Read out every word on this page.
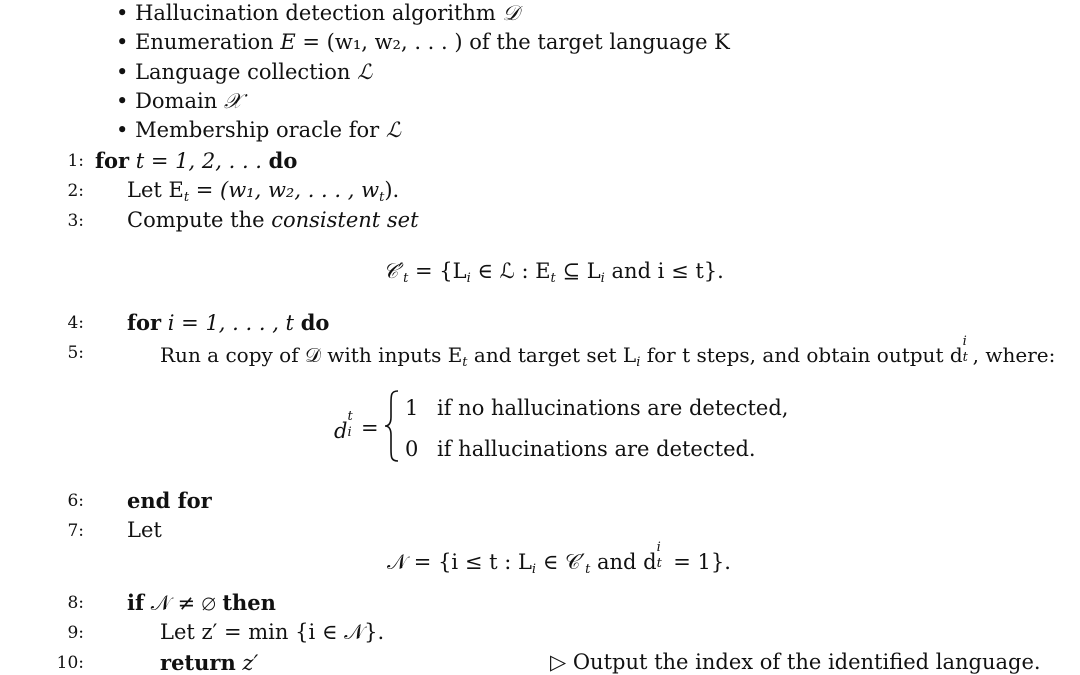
• Hallucination detection algorithm 𝒟
• Enumeration E = (w₁, w₂, . . . ) of the target language K
• Language collection ℒ
• Domain 𝒳
• Membership oracle for ℒ
1: for t = 1, 2, . . . do
2: Let $E_t = (w_1$, w₂, . . . , $w_t$).
3: Compute the consistent set
$𝒞'_t = \{L_i$ ∈ ℒ : $E_t$ ⊆ $L_i$ and i ≤ t}.
4: for i = 1, . . . , t do
5:	Run a copy of 𝒟 with inputs $E_t$ and target set $L_i$ for t steps, and obtain output d
i
t , where:
d
t
i =
1 if no hallucinations are detected,
0 if hallucinations are detected.
6: end for
7: Let
𝒩 = {i ≤ t : $L_i$ ∈ $𝒞'_t$ and d
i
t = 1}.
8: if 𝒩 ≠ ∅ then
9:	Let z′ = min {i ∈ 𝒩}.
10:	return z′	▷ Output the index of the identified language.
